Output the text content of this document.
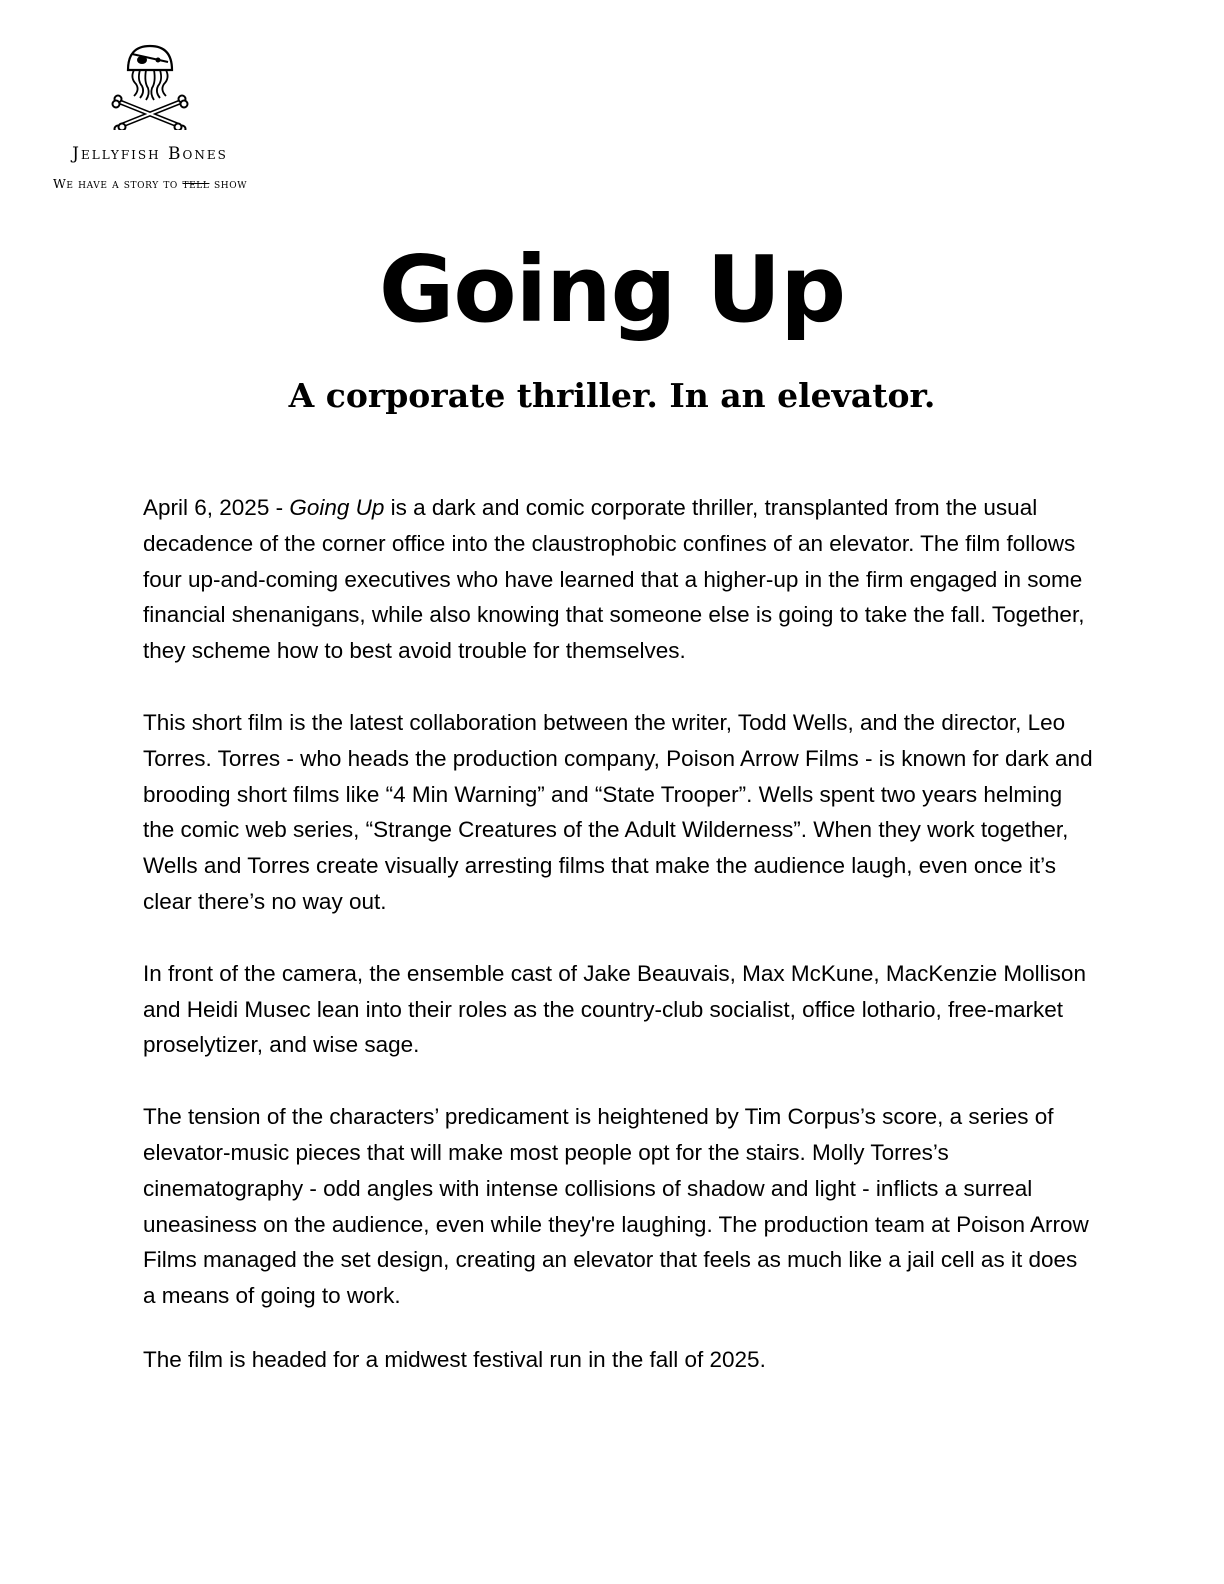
Jellyfish Bones
We have a story to tell show
Going Up
A corporate thriller. In an elevator.

April 6, 2025 - Going Up is a dark and comic corporate thriller, transplanted from the usual decadence of the corner office into the claustrophobic confines of an elevator. The film follows four up-and-coming executives who have learned that a higher-up in the firm engaged in some financial shenanigans, while also knowing that someone else is going to take the fall. Together, they scheme how to best avoid trouble for themselves.

This short film is the latest collaboration between the writer, Todd Wells, and the director, Leo Torres. Torres - who heads the production company, Poison Arrow Films - is known for dark and brooding short films like “4 Min Warning” and “State Trooper”. Wells spent two years helming the comic web series, “Strange Creatures of the Adult Wilderness”. When they work together, Wells and Torres create visually arresting films that make the audience laugh, even once it’s clear there’s no way out.

In front of the camera, the ensemble cast of Jake Beauvais, Max McKune, MacKenzie Mollison and Heidi Musec lean into their roles as the country-club socialist, office lothario, free-market proselytizer, and wise sage.

The tension of the characters’ predicament is heightened by Tim Corpus’s score, a series of elevator-music pieces that will make most people opt for the stairs. Molly Torres’s cinematography - odd angles with intense collisions of shadow and light - inflicts a surreal uneasiness on the audience, even while they're laughing. The production team at Poison Arrow Films managed the set design, creating an elevator that feels as much like a jail cell as it does a means of going to work.

The film is headed for a midwest festival run in the fall of 2025.
